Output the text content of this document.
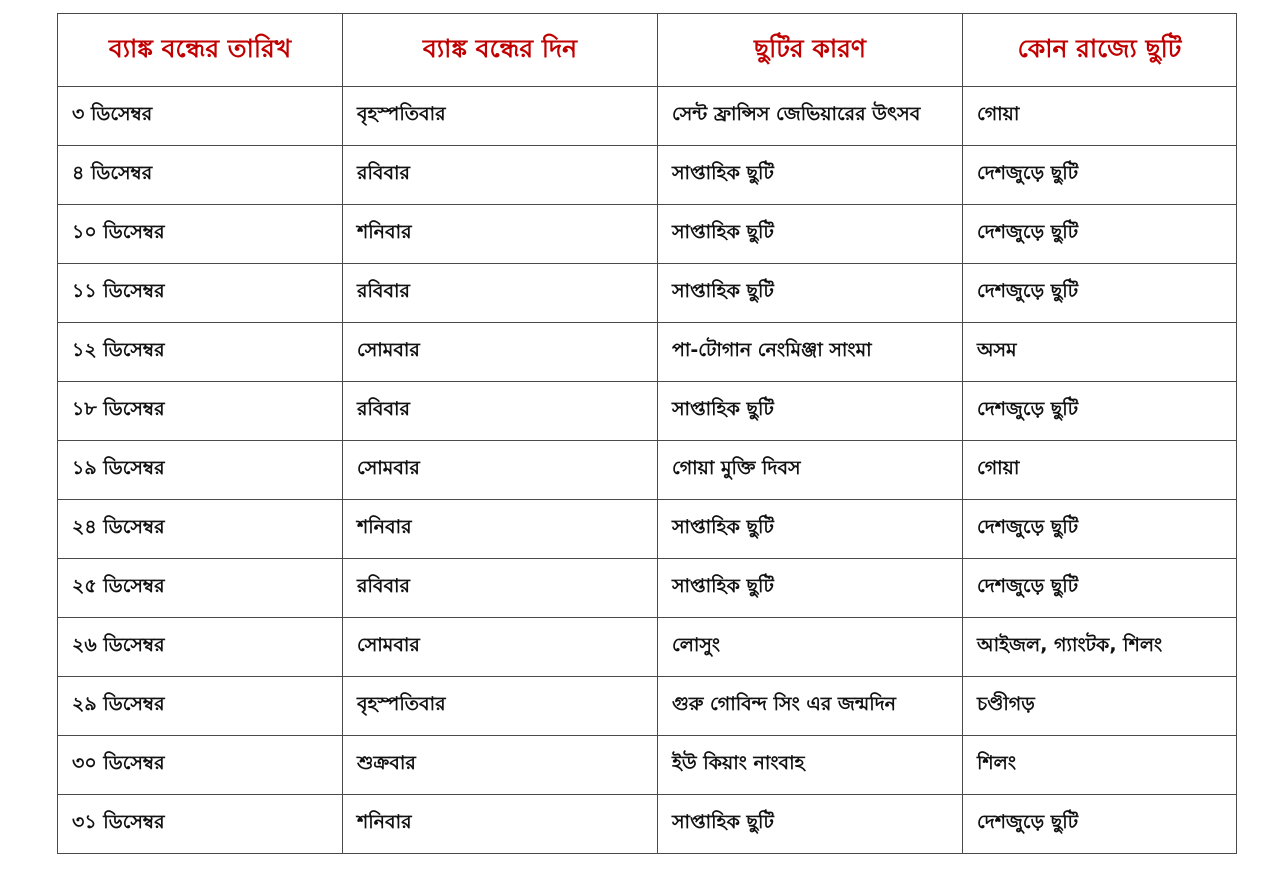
ব্যাঙ্ক বন্ধের তারিখ	ব্যাঙ্ক বন্ধের দিন	ছুটির কারণ	কোন রাজ্যে ছুটি
৩ ডিসেম্বর	বৃহস্পতিবার	সেন্ট ফ্রান্সিস জেভিয়ারের উৎসব	গোয়া
৪ ডিসেম্বর	রবিবার	সাপ্তাহিক ছুটি	দেশজুড়ে ছুটি
১০ ডিসেম্বর	শনিবার	সাপ্তাহিক ছুটি	দেশজুড়ে ছুটি
১১ ডিসেম্বর	রবিবার	সাপ্তাহিক ছুটি	দেশজুড়ে ছুটি
১২ ডিসেম্বর	সোমবার	পা-টোগান নেংমিঞ্জা সাংমা	অসম
১৮ ডিসেম্বর	রবিবার	সাপ্তাহিক ছুটি	দেশজুড়ে ছুটি
১৯ ডিসেম্বর	সোমবার	গোয়া মুক্তি দিবস	গোয়া
২৪ ডিসেম্বর	শনিবার	সাপ্তাহিক ছুটি	দেশজুড়ে ছুটি
২৫ ডিসেম্বর	রবিবার	সাপ্তাহিক ছুটি	দেশজুড়ে ছুটি
২৬ ডিসেম্বর	সোমবার	লোসুং	আইজল, গ্যাংটক, শিলং
২৯ ডিসেম্বর	বৃহস্পতিবার	গুরু গোবিন্দ সিং এর জন্মদিন	চণ্ডীগড়
৩০ ডিসেম্বর	শুক্রবার	ইউ কিয়াং নাংবাহ	শিলং
৩১ ডিসেম্বর	শনিবার	সাপ্তাহিক ছুটি	দেশজুড়ে ছুটি
